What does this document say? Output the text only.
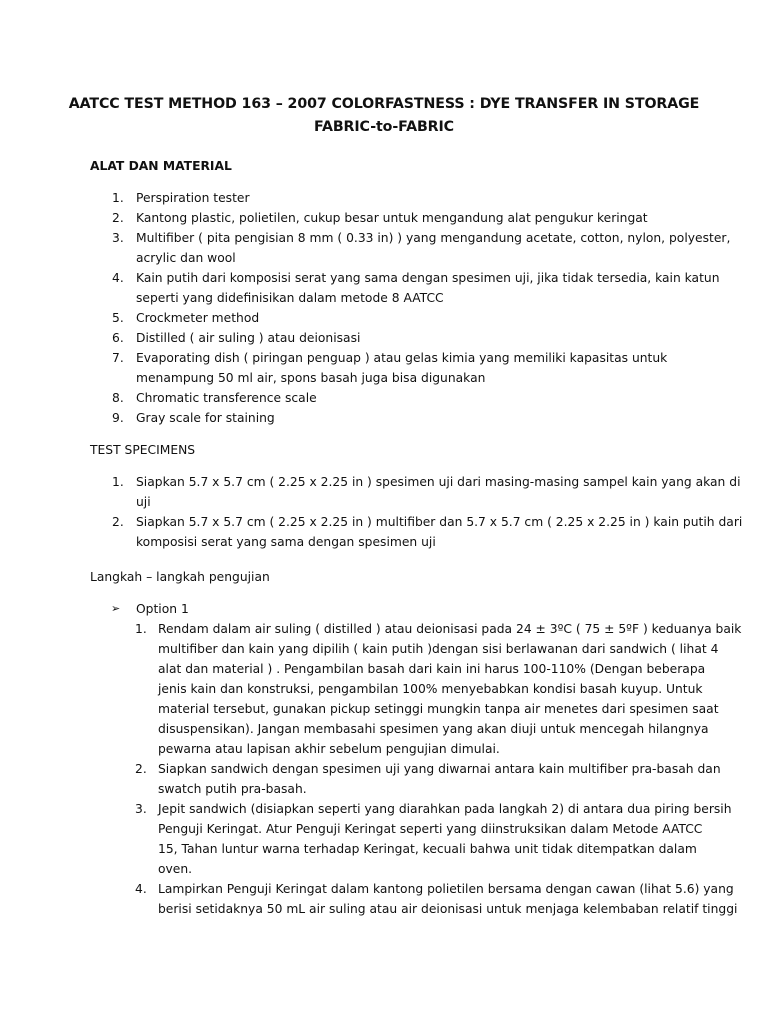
AATCC TEST METHOD 163 – 2007 COLORFASTNESS : DYE TRANSFER IN STORAGE
FABRIC-to-FABRIC
ALAT DAN MATERIAL
1. Perspiration tester
2. Kantong plastic, polietilen, cukup besar untuk mengandung alat pengukur keringat
3. Multifiber ( pita pengisian 8 mm ( 0.33 in) ) yang mengandung acetate, cotton, nylon, polyester,
acrylic dan wool
4. Kain putih dari komposisi serat yang sama dengan spesimen uji, jika tidak tersedia, kain katun
seperti yang didefinisikan dalam metode 8 AATCC
5. Crockmeter method
6. Distilled ( air suling ) atau deionisasi
7. Evaporating dish ( piringan penguap ) atau gelas kimia yang memiliki kapasitas untuk
menampung 50 ml air, spons basah juga bisa digunakan
8. Chromatic transference scale
9. Gray scale for staining
TEST SPECIMENS
1. Siapkan 5.7 x 5.7 cm ( 2.25 x 2.25 in ) spesimen uji dari masing-masing sampel kain yang akan di
uji
2. Siapkan 5.7 x 5.7 cm ( 2.25 x 2.25 in ) multifiber dan 5.7 x 5.7 cm ( 2.25 x 2.25 in ) kain putih dari
komposisi serat yang sama dengan spesimen uji
Langkah – langkah pengujian
➢ Option 1
1. Rendam dalam air suling ( distilled ) atau deionisasi pada 24 ± 3ºC ( 75 ± 5ºF ) keduanya baik
multifiber dan kain yang dipilih ( kain putih )dengan sisi berlawanan dari sandwich ( lihat 4
alat dan material ) . Pengambilan basah dari kain ini harus 100-110% (Dengan beberapa
jenis kain dan konstruksi, pengambilan 100% menyebabkan kondisi basah kuyup. Untuk
material tersebut, gunakan pickup setinggi mungkin tanpa air menetes dari spesimen saat
disuspensikan). Jangan membasahi spesimen yang akan diuji untuk mencegah hilangnya
pewarna atau lapisan akhir sebelum pengujian dimulai.
2. Siapkan sandwich dengan spesimen uji yang diwarnai antara kain multifiber pra-basah dan
swatch putih pra-basah.
3. Jepit sandwich (disiapkan seperti yang diarahkan pada langkah 2) di antara dua piring bersih
Penguji Keringat. Atur Penguji Keringat seperti yang diinstruksikan dalam Metode AATCC
15, Tahan luntur warna terhadap Keringat, kecuali bahwa unit tidak ditempatkan dalam
oven.
4. Lampirkan Penguji Keringat dalam kantong polietilen bersama dengan cawan (lihat 5.6) yang
berisi setidaknya 50 mL air suling atau air deionisasi untuk menjaga kelembaban relatif tinggi
